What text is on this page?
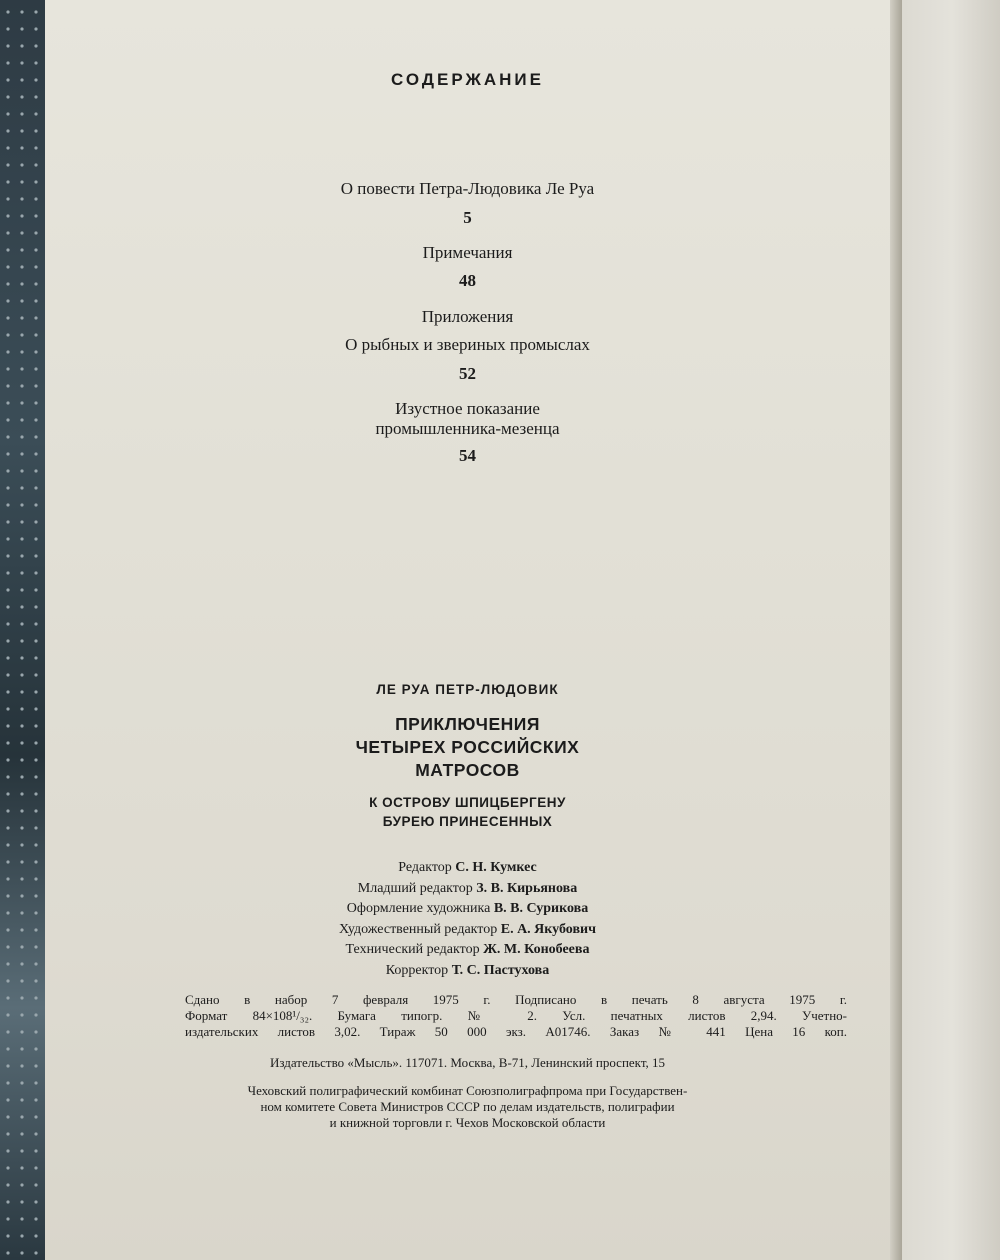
СОДЕРЖАНИЕ
О повести Петра-Людовика Ле Руа
5
Примечания
48
Приложения
О рыбных и звериных промыслах
52
Изустное показание
промышленника-мезенца
54
ЛЕ РУА ПЕТР-ЛЮДОВИК
ПРИКЛЮЧЕНИЯ
ЧЕТЫРЕХ РОССИЙСКИХ
МАТРОСОВ
К ОСТРОВУ ШПИЦБЕРГЕНУ
БУРЕЮ ПРИНЕСЕННЫХ
Редактор С. Н. Кумкес
Младший редактор З. В. Кирьянова
Оформление художника В. В. Сурикова
Художественный редактор Е. А. Якубович
Технический редактор Ж. М. Конобеева
Корректор Т. С. Пастухова
Сдано в набор 7 февраля 1975 г. Подписано в печать 8 августа 1975 г.
Формат 84×108¹/₃₂. Бумага типогр. № 2. Усл. печатных листов 2,94. Учетно-
издательских листов 3,02. Тираж 50 000 экз. А01746. Заказ № 441 Цена 16 коп.
Издательство «Мысль». 117071. Москва, В-71, Ленинский проспект, 15
Чеховский полиграфический комбинат Союзполиграфпрома при Государствен-
ном комитете Совета Министров СССР по делам издательств, полиграфии
и книжной торговли г. Чехов Московской области
